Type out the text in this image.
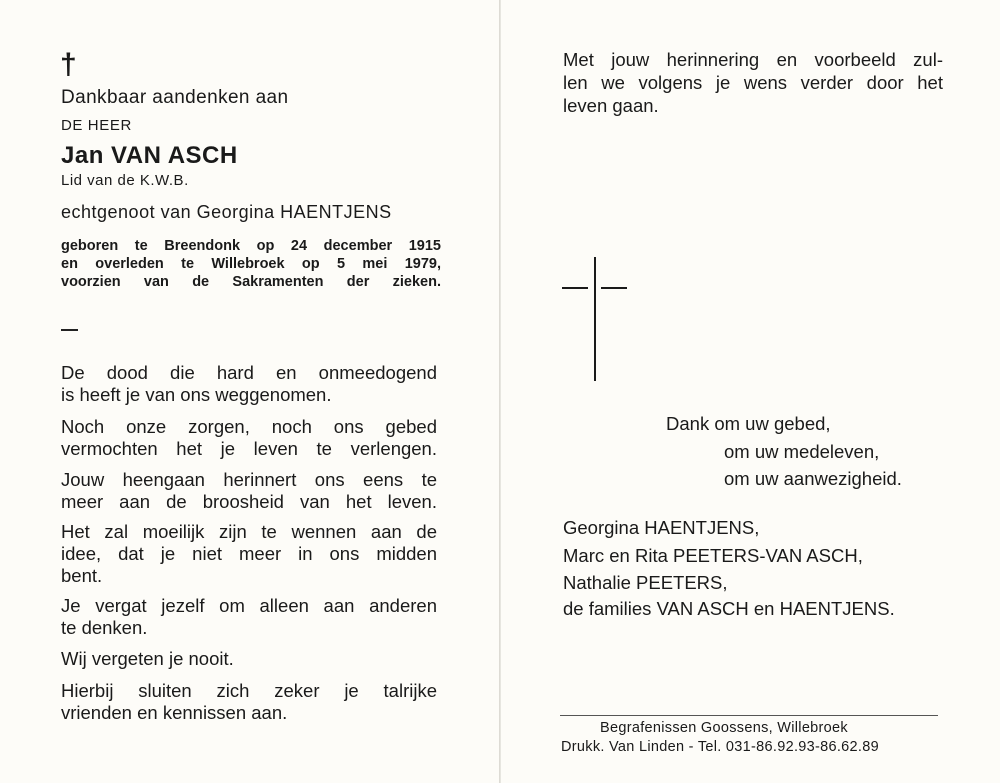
†
Dankbaar aandenken aan
DE HEER
Jan VAN ASCH
Lid van de K.W.B.
echtgenoot van Georgina HAENTJENS
geboren te Breendonk op 24 december 1915
en overleden te Willebroek op 5 mei 1979,
voorzien van de Sakramenten der zieken.
De dood die hard en onmeedogend
is heeft je van ons weggenomen.
Noch onze zorgen, noch ons gebed
vermochten het je leven te verlengen.
Jouw heengaan herinnert ons eens te
meer aan de broosheid van het leven.
Het zal moeilijk zijn te wennen aan de
idee, dat je niet meer in ons midden
bent.
Je vergat jezelf om alleen aan anderen
te denken.
Wij vergeten je nooit.
Hierbij sluiten zich zeker je talrijke
vrienden en kennissen aan.
Met jouw herinnering en voorbeeld zul-
len we volgens je wens verder door het
leven gaan.
Dank om uw gebed,
om uw medeleven,
om uw aanwezigheid.
Georgina HAENTJENS,
Marc en Rita PEETERS-VAN ASCH,
Nathalie PEETERS,
de families VAN ASCH en HAENTJENS.
Begrafenissen Goossens, Willebroek
Drukk. Van Linden - Tel. 031-86.92.93-86.62.89
